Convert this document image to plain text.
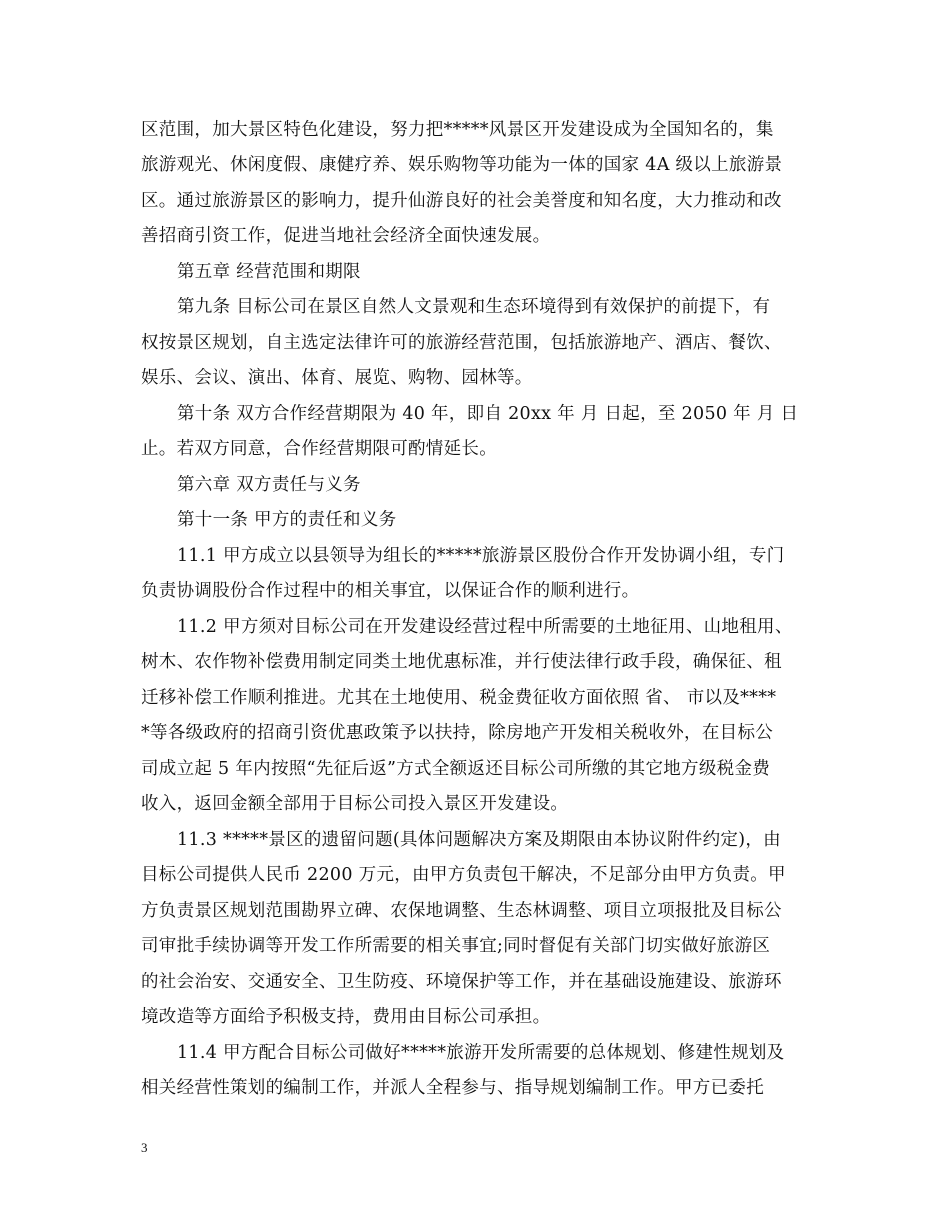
区范围，加大景区特色化建设，努力把*****风景区开发建设成为全国知名的，集
旅游观光、休闲度假、康健疗养、娱乐购物等功能为一体的国家 4A 级以上旅游景
区。通过旅游景区的影响力，提升仙游良好的社会美誉度和知名度，大力推动和改
善招商引资工作，促进当地社会经济全面快速发展。
第五章 经营范围和期限
第九条 目标公司在景区自然人文景观和生态环境得到有效保护的前提下，有
权按景区规划，自主选定法律许可的旅游经营范围，包括旅游地产、酒店、餐饮、
娱乐、会议、演出、体育、展览、购物、园林等。
第十条 双方合作经营期限为 40 年，即自 20xx 年 月 日起，至 2050 年 月 日
止。若双方同意，合作经营期限可酌情延长。
第六章 双方责任与义务
第十一条 甲方的责任和义务
11.1 甲方成立以县领导为组长的*****旅游景区股份合作开发协调小组，专门
负责协调股份合作过程中的相关事宜，以保证合作的顺利进行。
11.2 甲方须对目标公司在开发建设经营过程中所需要的土地征用、山地租用、
树木、农作物补偿费用制定同类土地优惠标准，并行使法律行政手段，确保征、租
迁移补偿工作顺利推进。尤其在土地使用、税金费征收方面依照 省、 市以及****
*等各级政府的招商引资优惠政策予以扶持，除房地产开发相关税收外，在目标公
司成立起 5 年内按照“先征后返”方式全额返还目标公司所缴的其它地方级税金费
收入，返回金额全部用于目标公司投入景区开发建设。
11.3 *****景区的遗留问题(具体问题解决方案及期限由本协议附件约定)，由
目标公司提供人民币 2200 万元，由甲方负责包干解决，不足部分由甲方负责。甲
方负责景区规划范围勘界立碑、农保地调整、生态林调整、项目立项报批及目标公
司审批手续协调等开发工作所需要的相关事宜;同时督促有关部门切实做好旅游区
的社会治安、交通安全、卫生防疫、环境保护等工作，并在基础设施建设、旅游环
境改造等方面给予积极支持，费用由目标公司承担。
11.4 甲方配合目标公司做好*****旅游开发所需要的总体规划、修建性规划及
相关经营性策划的编制工作，并派人全程参与、指导规划编制工作。甲方已委托
3
